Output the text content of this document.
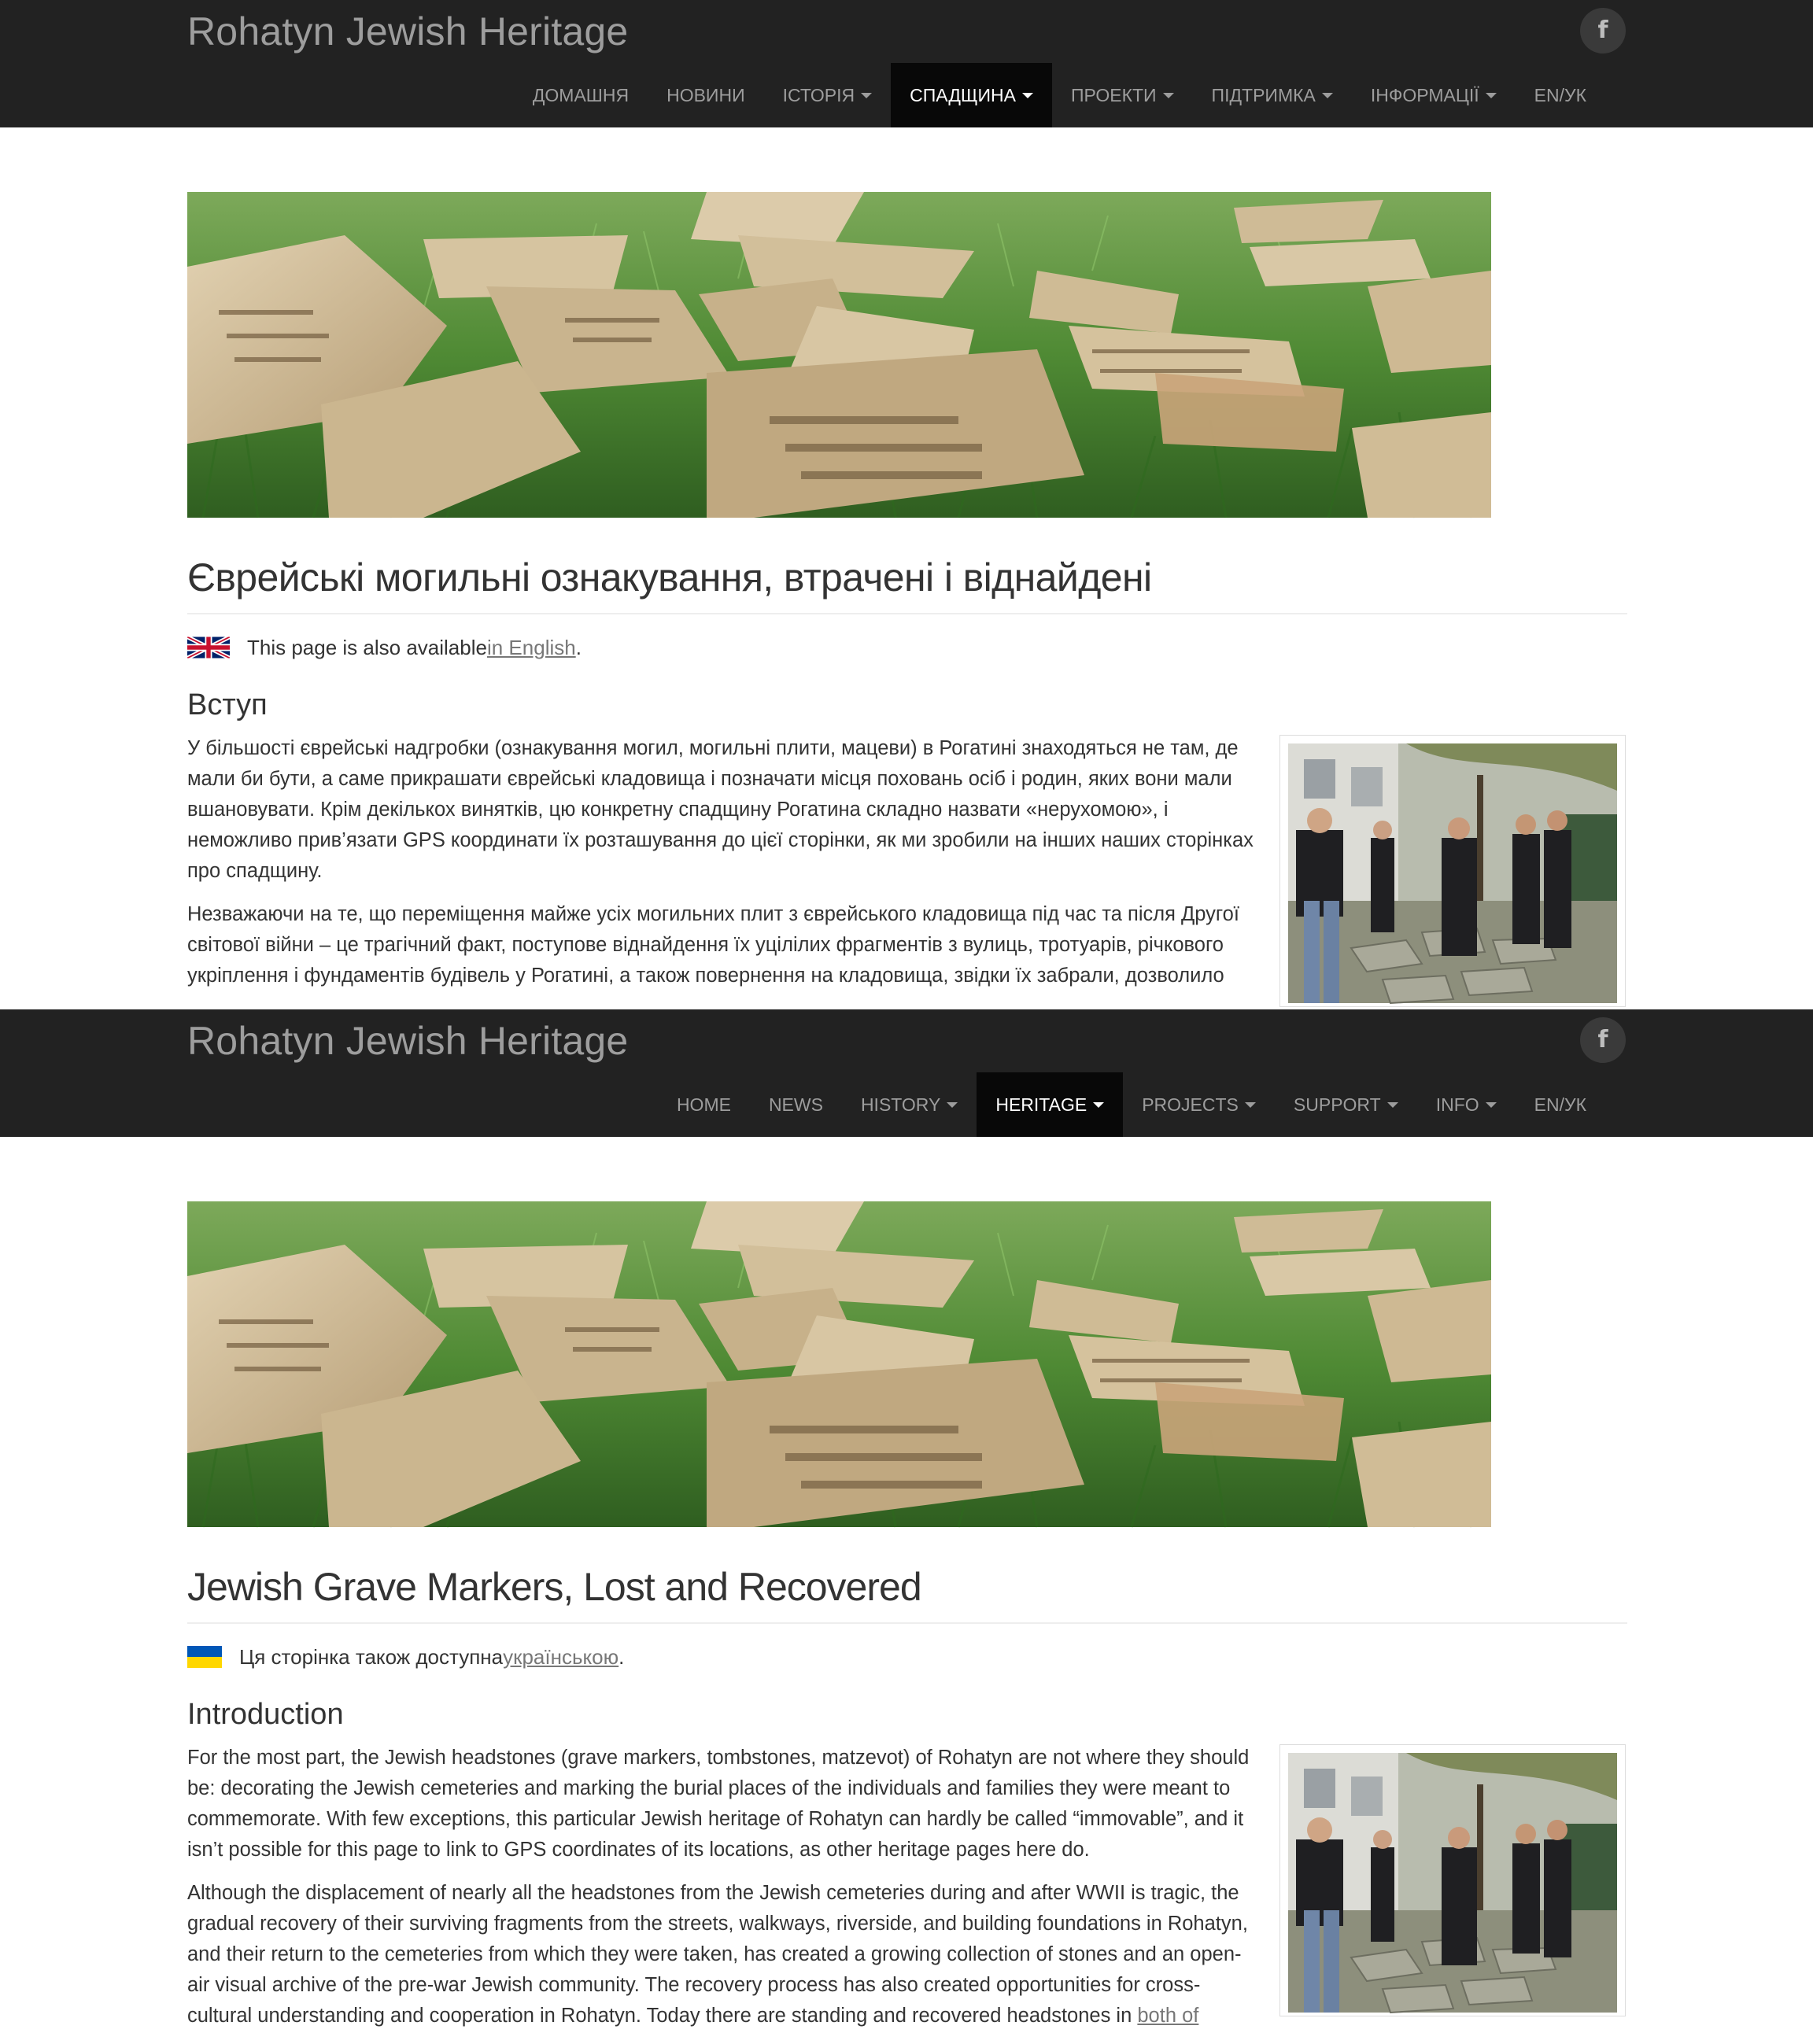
Rohatyn Jewish Heritage	f
ДОМАШНЯ НОВИНИ ІСТОРІЯ	СПАДЩИНА	ПРОЕКТИ	ПІДТРИМКА	ІНФОРМАЦІЇ	EN/УК
Єврейські могильні ознакування, втрачені і віднайдені
This page is also available in English .
Вступ

У більшості єврейські надгробки (ознакування могил, могильні плити, мацеви) в Рогатині знаходяться не там, де мали би бути, а саме прикрашати єврейські кладовища і позначати місця поховань осіб і родин, яких вони мали вшановувати. Крім декількох винятків, цю конкретну спадщину Рогатина складно назвати «нерухомою», і неможливо прив’язати GPS координати їх розташування до цієї сторінки, як ми зробили на інших наших сторінках про спадщину.

Незважаючи на те, що переміщення майже усіх могильних плит з єврейського кладовища під час та після Другої світової війни – це трагічний факт, поступове віднайдення їх уцілілих фрагментів з вулиць, тротуарів, річкового укріплення і фундаментів будівель у Рогатині, а також повернення на кладовища, звідки їх забрали, дозволило

Rohatyn Jewish Heritage	f
HOME NEWS HISTORY	HERITAGE	PROJECTS	SUPPORT	INFO	EN/УК
Jewish Grave Markers, Lost and Recovered
Ця сторінка також доступна українською .
Introduction

For the most part, the Jewish headstones (grave markers, tombstones, matzevot) of Rohatyn are not where they should be: decorating the Jewish cemeteries and marking the burial places of the individuals and families they were meant to commemorate. With few exceptions, this particular Jewish heritage of Rohatyn can hardly be called “immovable”, and it isn’t possible for this page to link to GPS coordinates of its locations, as other heritage pages here do.

Although the displacement of nearly all the headstones from the Jewish cemeteries during and after WWII is tragic, the gradual recovery of their surviving fragments from the streets, walkways, riverside, and building foundations in Rohatyn, and their return to the cemeteries from which they were taken, has created a growing collection of stones and an open-air visual archive of the pre-war Jewish community. The recovery process has also created opportunities for cross-cultural understanding and cooperation in Rohatyn. Today there are standing and recovered headstones in both of
